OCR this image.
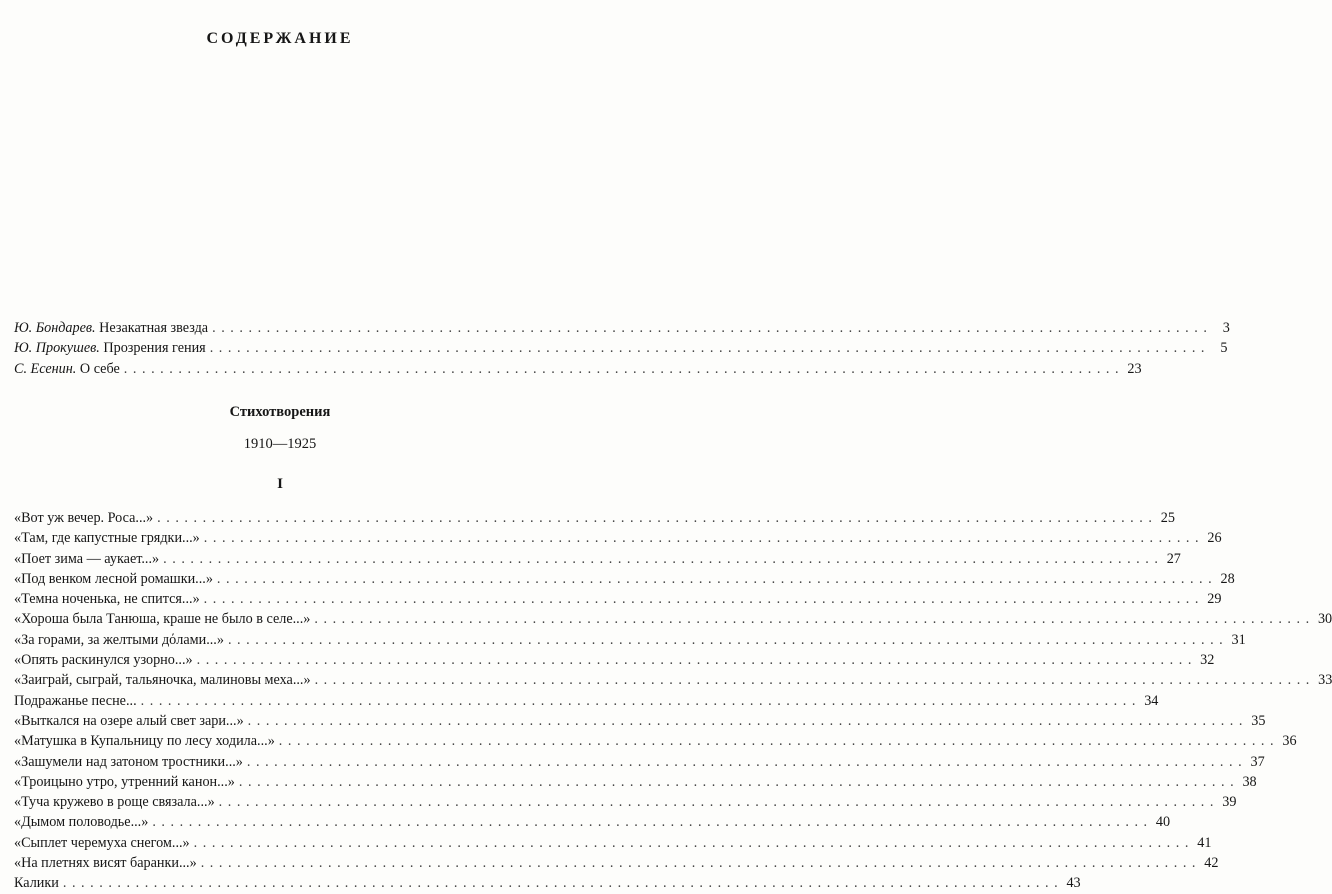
СОДЕРЖАНИЕ
Ю. Бондарев. Незакатная звезда . . .	3
Ю. Прокушев. Прозрения гения . . .	5
С. Есенин. О себе . . .	23
Стихотворения
1910—1925
I
«Вот уж вечер. Роса...» . . .	25
«Там, где капустные грядки...» . . .	26
«Поет зима — аукает...» . . .	27
«Под венком лесной ромашки...» . . .	28
«Темна ноченька, не спится...» . . .	29
«Хороша была Танюша, краше не было в селе...» . . .	30
«За горами, за желтыми дόлами...» . . .	31
«Опять раскинулся узорно...» . . .	32
«Заиграй, сыграй, тальяночка, малиновы меха...» . . .	33
Подражанье песне... . . .	34
«Выткался на озере алый свет зари...» . . .	35
«Матушка в Купальницу по лесу ходила...» . . .	36
«Зашумели над затоном тростники...» . . .	37
«Троицыно утро, утренний канон...» . . .	38
«Туча кружево в роще связала...» . . .	39
«Дымом половодье...» . . .	40
«Сыплет черемуха снегом...» . . .	41
«На плетнях висят баранки...» . . .	42
Калики . . .	43
